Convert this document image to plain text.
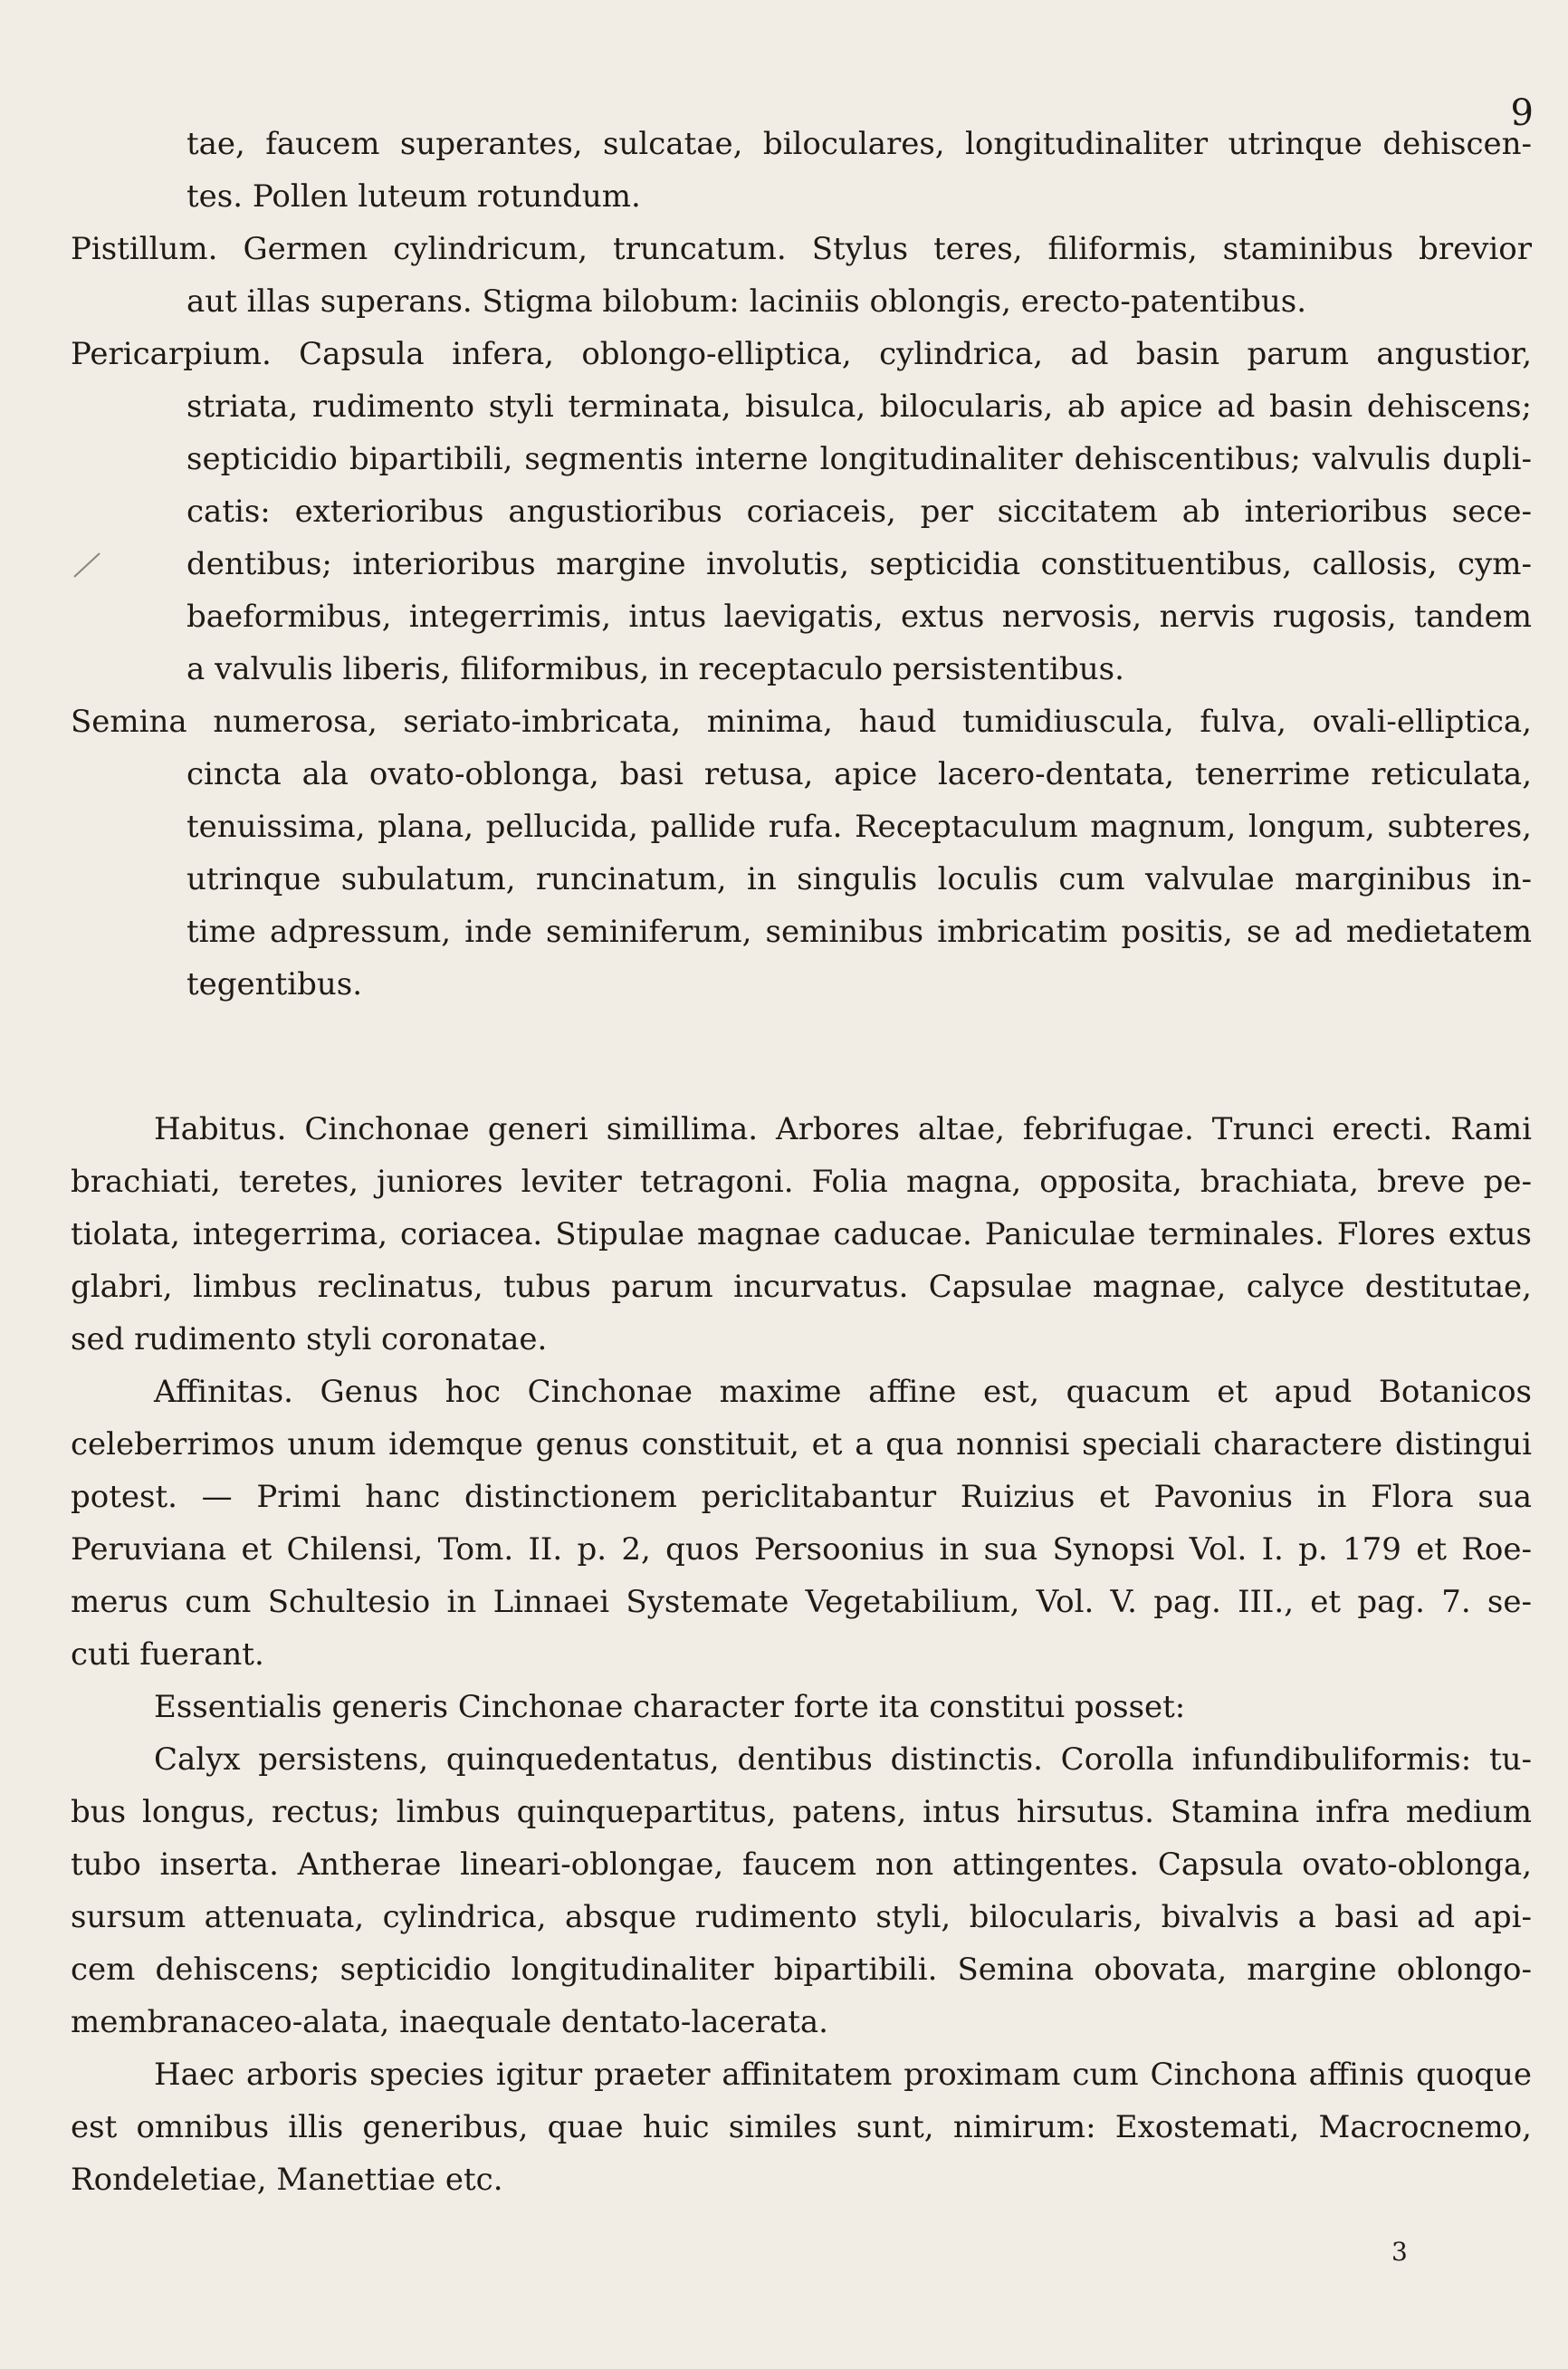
9
tae, faucem superantes, sulcatae, biloculares, longitudinaliter utrinque dehiscen-
tes. Pollen luteum rotundum.
Pistillum. Germen cylindricum, truncatum. Stylus teres, filiformis, staminibus brevior
aut illas superans. Stigma bilobum: laciniis oblongis, erecto-patentibus.
Pericarpium. Capsula infera, oblongo-elliptica, cylindrica, ad basin parum angustior,
striata, rudimento styli terminata, bisulca, bilocularis, ab apice ad basin dehiscens;
septicidio bipartibili, segmentis interne longitudinaliter dehiscentibus; valvulis dupli-
catis: exterioribus angustioribus coriaceis, per siccitatem ab interioribus sece-
dentibus; interioribus margine involutis, septicidia constituentibus, callosis, cym-
baeformibus, integerrimis, intus laevigatis, extus nervosis, nervis rugosis, tandem
a valvulis liberis, filiformibus, in receptaculo persistentibus.
Semina numerosa, seriato-imbricata, minima, haud tumidiuscula, fulva, ovali-elliptica,
cincta ala ovato-oblonga, basi retusa, apice lacero-dentata, tenerrime reticulata,
tenuissima, plana, pellucida, pallide rufa. Receptaculum magnum, longum, subteres,
utrinque subulatum, runcinatum, in singulis loculis cum valvulae marginibus in-
time adpressum, inde seminiferum, seminibus imbricatim positis, se ad medietatem
tegentibus.
Habitus. Cinchonae generi simillima. Arbores altae, febrifugae. Trunci erecti. Rami
brachiati, teretes, juniores leviter tetragoni. Folia magna, opposita, brachiata, breve pe-
tiolata, integerrima, coriacea. Stipulae magnae caducae. Paniculae terminales. Flores extus
glabri, limbus reclinatus, tubus parum incurvatus. Capsulae magnae, calyce destitutae,
sed rudimento styli coronatae.
Affinitas. Genus hoc Cinchonae maxime affine est, quacum et apud Botanicos
celeberrimos unum idemque genus constituit, et a qua nonnisi speciali charactere distingui
potest. — Primi hanc distinctionem periclitabantur Ruizius et Pavonius in Flora sua
Peruviana et Chilensi, Tom. II. p. 2, quos Persoonius in sua Synopsi Vol. I. p. 179 et Roe-
merus cum Schultesio in Linnaei Systemate Vegetabilium, Vol. V. pag. III., et pag. 7. se-
cuti fuerant.
Essentialis generis Cinchonae character forte ita constitui posset:
Calyx persistens, quinquedentatus, dentibus distinctis. Corolla infundibuliformis: tu-
bus longus, rectus; limbus quinquepartitus, patens, intus hirsutus. Stamina infra medium
tubo inserta. Antherae lineari-oblongae, faucem non attingentes. Capsula ovato-oblonga,
sursum attenuata, cylindrica, absque rudimento styli, bilocularis, bivalvis a basi ad api-
cem dehiscens; septicidio longitudinaliter bipartibili. Semina obovata, margine oblongo-
membranaceo-alata, inaequale dentato-lacerata.
Haec arboris species igitur praeter affinitatem proximam cum Cinchona affinis quoque
est omnibus illis generibus, quae huic similes sunt, nimirum: Exostemati, Macrocnemo,
Rondeletiae, Manettiae etc.
3
